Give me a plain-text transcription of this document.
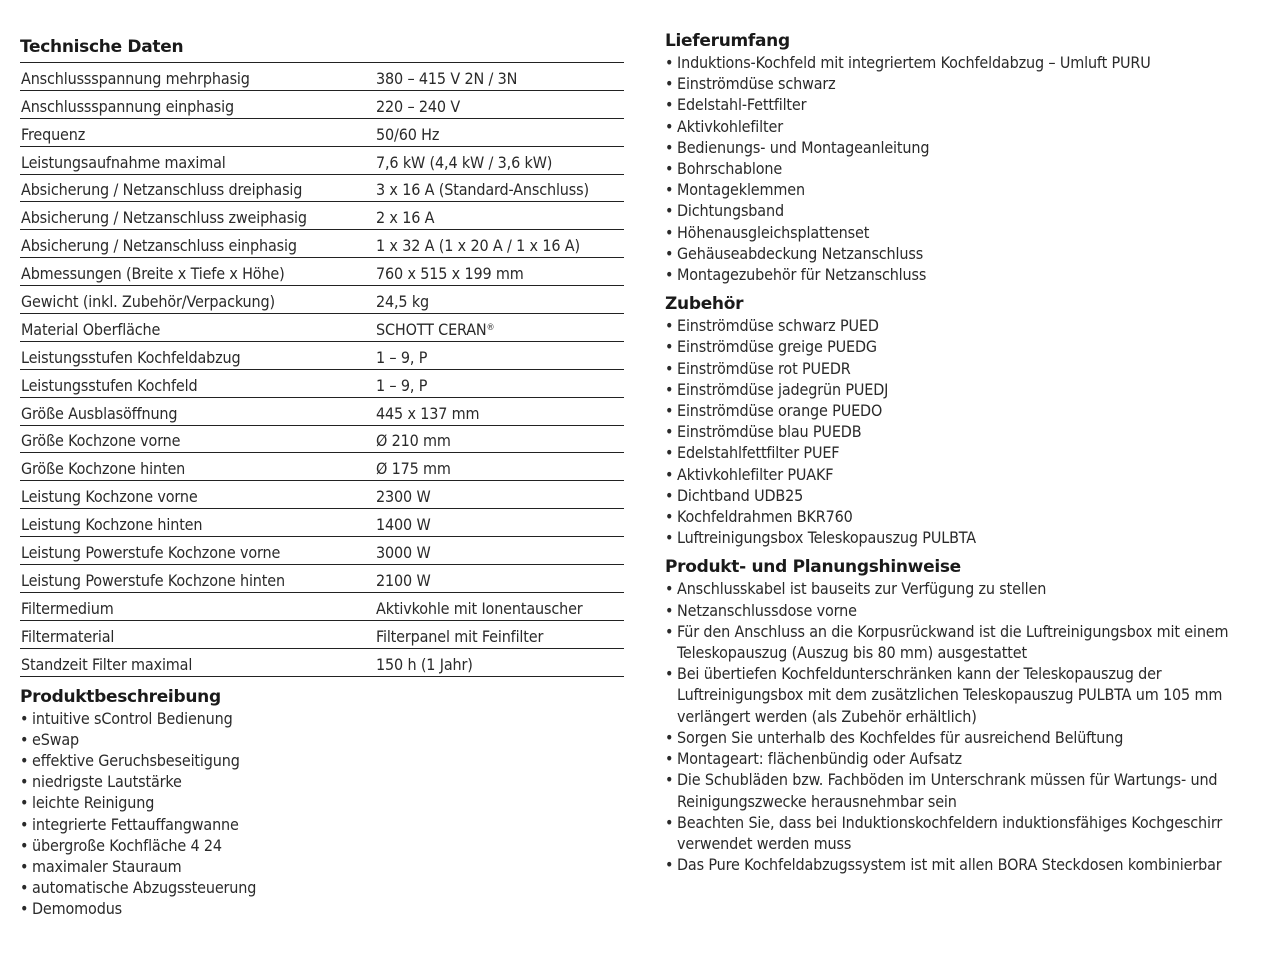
Technische Daten
Anschlussspannung mehrphasig	380 – 415 V 2N / 3N
Anschlussspannung einphasig	220 – 240 V
Frequenz	50/60 Hz
Leistungsaufnahme maximal	7,6 kW (4,4 kW / 3,6 kW)
Absicherung / Netzanschluss dreiphasig	3 x 16 A (Standard-Anschluss)
Absicherung / Netzanschluss zweiphasig	2 x 16 A
Absicherung / Netzanschluss einphasig	1 x 32 A (1 x 20 A / 1 x 16 A)
Abmessungen (Breite x Tiefe x Höhe)	760 x 515 x 199 mm
Gewicht (inkl. Zubehör/Verpackung)	24,5 kg
Material Oberfläche	SCHOTT CERAN®
Leistungsstufen Kochfeldabzug	1 – 9, P
Leistungsstufen Kochfeld	1 – 9, P
Größe Ausblasöffnung	445 x 137 mm
Größe Kochzone vorne	Ø 210 mm
Größe Kochzone hinten	Ø 175 mm
Leistung Kochzone vorne	2300 W
Leistung Kochzone hinten	1400 W
Leistung Powerstufe Kochzone vorne	3000 W
Leistung Powerstufe Kochzone hinten	2100 W
Filtermedium	Aktivkohle mit Ionentauscher
Filtermaterial	Filterpanel mit Feinfilter
Standzeit Filter maximal	150 h (1 Jahr)
Produktbeschreibung
• intuitive sControl Bedienung
• eSwap
• effektive Geruchsbeseitigung
• niedrigste Lautstärke
• leichte Reinigung
• integrierte Fettauffangwanne
• übergroße Kochfläche 4 24
• maximaler Stauraum
• automatische Abzugssteuerung
• Demomodus
Lieferumfang
• Induktions-Kochfeld mit integriertem Kochfeldabzug – Umluft PURU
• Einströmdüse schwarz
• Edelstahl-Fettfilter
• Aktivkohlefilter
• Bedienungs- und Montageanleitung
• Bohrschablone
• Montageklemmen
• Dichtungsband
• Höhenausgleichsplattenset
• Gehäuseabdeckung Netzanschluss
• Montagezubehör für Netzanschluss
Zubehör
• Einströmdüse schwarz PUED
• Einströmdüse greige PUEDG
• Einströmdüse rot PUEDR
• Einströmdüse jadegrün PUEDJ
• Einströmdüse orange PUEDO
• Einströmdüse blau PUEDB
• Edelstahlfettfilter PUEF
• Aktivkohlefilter PUAKF
• Dichtband UDB25
• Kochfeldrahmen BKR760
• Luftreinigungsbox Teleskopauszug PULBTA
Produkt- und Planungshinweise
• Anschlusskabel ist bauseits zur Verfügung zu stellen
• Netzanschlussdose vorne
• Für den Anschluss an die Korpusrückwand ist die Luftreinigungsbox mit einem
Teleskopauszug (Auszug bis 80 mm) ausgestattet
• Bei übertiefen Kochfeldunterschränken kann der Teleskopauszug der
Luftreinigungsbox mit dem zusätzlichen Teleskopauszug PULBTA um 105 mm
verlängert werden (als Zubehör erhältlich)
• Sorgen Sie unterhalb des Kochfeldes für ausreichend Belüftung
• Montageart: flächenbündig oder Aufsatz
• Die Schubläden bzw. Fachböden im Unterschrank müssen für Wartungs- und
Reinigungszwecke herausnehmbar sein
• Beachten Sie, dass bei Induktionskochfeldern induktionsfähiges Kochgeschirr
verwendet werden muss
• Das Pure Kochfeldabzugssystem ist mit allen BORA Steckdosen kombinierbar
